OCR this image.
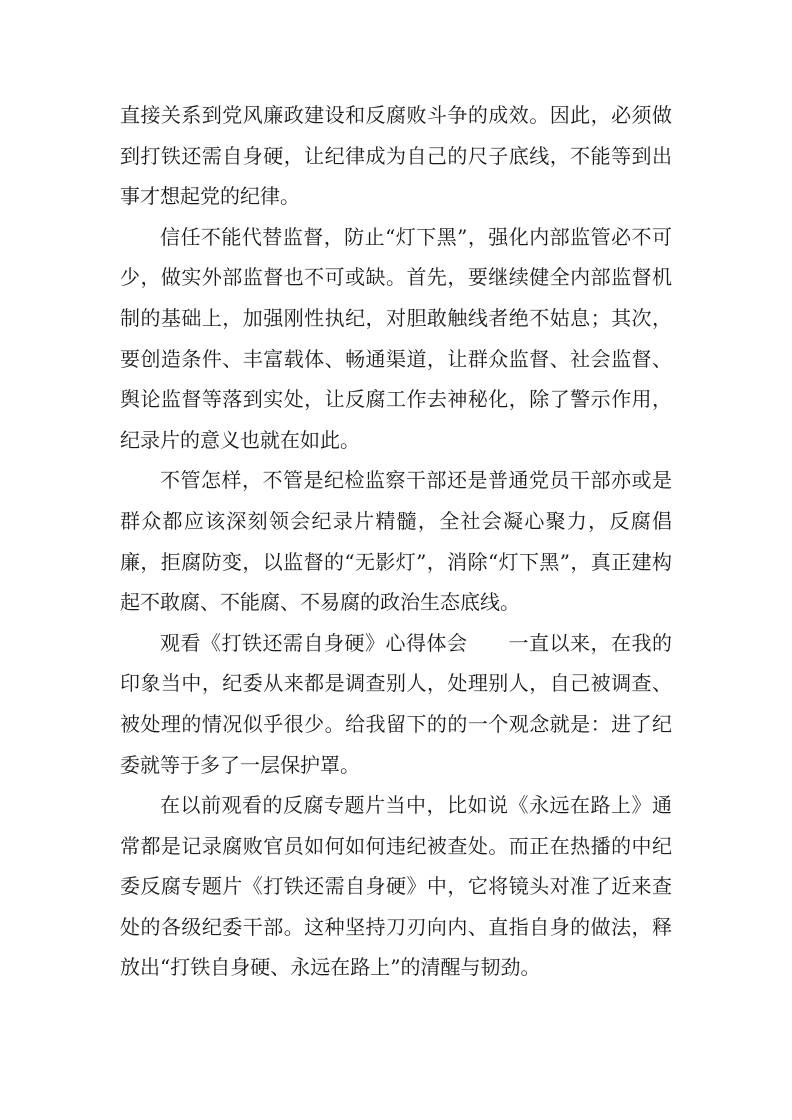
直接关系到党风廉政建设和反腐败斗争的成效。因此，必须做到打铁还需自身硬，让纪律成为自己的尺子底线，不能等到出事才想起党的纪律。

信任不能代替监督，防止“灯下黑”，强化内部监管必不可少，做实外部监督也不可或缺。首先，要继续健全内部监督机制的基础上，加强刚性执纪，对胆敢触线者绝不姑息；其次，要创造条件、丰富载体、畅通渠道，让群众监督、社会监督、舆论监督等落到实处，让反腐工作去神秘化，除了警示作用，纪录片的意义也就在如此。

不管怎样，不管是纪检监察干部还是普通党员干部亦或是群众都应该深刻领会纪录片精髓，全社会凝心聚力，反腐倡廉，拒腐防变，以监督的“无影灯”，消除“灯下黑”，真正建构起不敢腐、不能腐、不易腐的政治生态底线。

观看《打铁还需自身硬》心得体会　　一直以来，在我的印象当中，纪委从来都是调查别人，处理别人，自己被调查、被处理的情况似乎很少。给我留下的的一个观念就是：进了纪委就等于多了一层保护罩。

在以前观看的反腐专题片当中，比如说《永远在路上》通常都是记录腐败官员如何如何违纪被查处。而正在热播的中纪委反腐专题片《打铁还需自身硬》中，它将镜头对准了近来查处的各级纪委干部。这种坚持刀刃向内、直指自身的做法，释放出“打铁自身硬、永远在路上”的清醒与韧劲。
